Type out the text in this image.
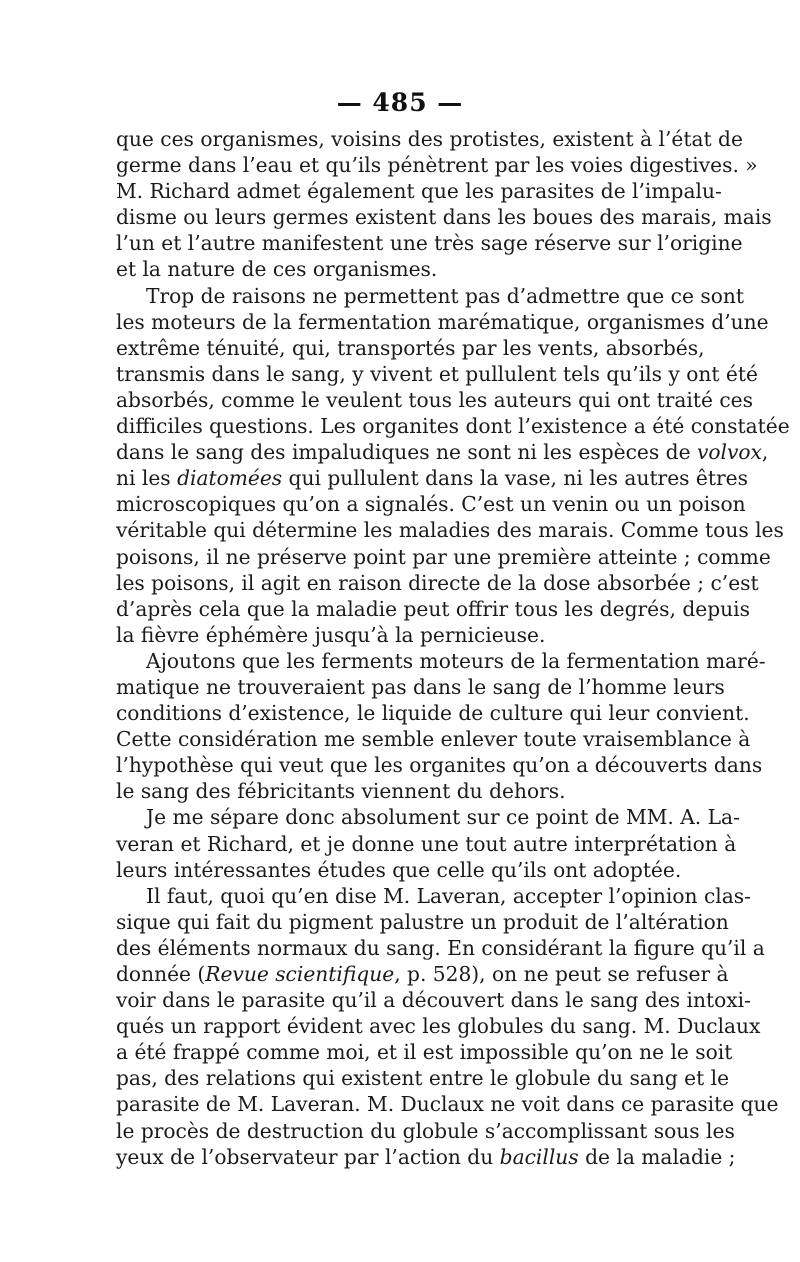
— 485 —
que ces organismes, voisins des protistes, existent à l’état de
germe dans l’eau et qu’ils pénètrent par les voies digestives. »
M. Richard admet également que les parasites de l’impalu-
disme ou leurs germes existent dans les boues des marais, mais
l’un et l’autre manifestent une très sage réserve sur l’origine
et la nature de ces organismes.
Trop de raisons ne permettent pas d’admettre que ce sont
les moteurs de la fermentation marématique, organismes d’une
extrême ténuité, qui, transportés par les vents, absorbés,
transmis dans le sang, y vivent et pullulent tels qu’ils y ont été
absorbés, comme le veulent tous les auteurs qui ont traité ces
difficiles questions. Les organites dont l’existence a été constatée
dans le sang des impaludiques ne sont ni les espèces de volvox,
ni les diatomées qui pullulent dans la vase, ni les autres êtres
microscopiques qu’on a signalés. C’est un venin ou un poison
véritable qui détermine les maladies des marais. Comme tous les
poisons, il ne préserve point par une première atteinte ; comme
les poisons, il agit en raison directe de la dose absorbée ; c’est
d’après cela que la maladie peut offrir tous les degrés, depuis
la fièvre éphémère jusqu’à la pernicieuse.
Ajoutons que les ferments moteurs de la fermentation maré-
matique ne trouveraient pas dans le sang de l’homme leurs
conditions d’existence, le liquide de culture qui leur convient.
Cette considération me semble enlever toute vraisemblance à
l’hypothèse qui veut que les organites qu’on a découverts dans
le sang des fébricitants viennent du dehors.
Je me sépare donc absolument sur ce point de MM. A. La-
veran et Richard, et je donne une tout autre interprétation à
leurs intéressantes études que celle qu’ils ont adoptée.
Il faut, quoi qu’en dise M. Laveran, accepter l’opinion clas-
sique qui fait du pigment palustre un produit de l’altération
des éléments normaux du sang. En considérant la figure qu’il a
donnée (Revue scientifique, p. 528), on ne peut se refuser à
voir dans le parasite qu’il a découvert dans le sang des intoxi-
qués un rapport évident avec les globules du sang. M. Duclaux
a été frappé comme moi, et il est impossible qu’on ne le soit
pas, des relations qui existent entre le globule du sang et le
parasite de M. Laveran. M. Duclaux ne voit dans ce parasite que
le procès de destruction du globule s’accomplissant sous les
yeux de l’observateur par l’action du bacillus de la maladie ;
